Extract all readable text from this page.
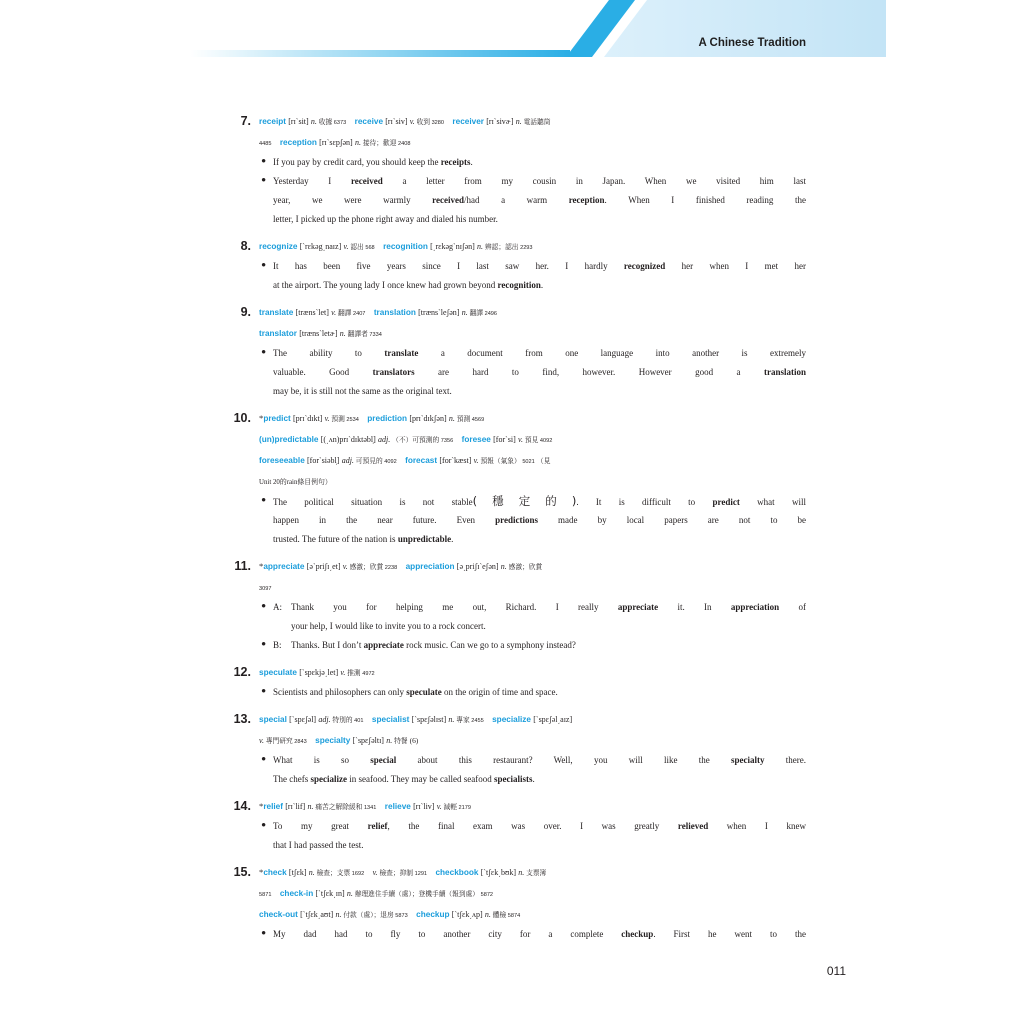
A Chinese Tradition
7. receipt [rɪˋsit] n. 收據 6373 receive [rɪˋsiv] v. 收到 3280 receiver [rɪˋsivɚ] n. 電話聽筒
4485 reception [rɪˋsɛpʃən] n. 接待；歡迎 2408
•
If you pay by credit card, you should keep the receipts.
•
Yesterday I received a letter from my cousin in Japan. When we visited him last
year, we were warmly received/had a warm reception. When I finished reading the
letter, I picked up the phone right away and dialed his number.
8. recognize [ˋrɛkəg͵naɪz] v. 認出 568 recognition [͵rɛkəgˋnɪʃən] n. 辨認；認出 2293
•
It has been five years since I last saw her. I hardly recognized her when I met her
at the airport. The young lady I once knew had grown beyond recognition.
9. translate [trænsˋlet] v. 翻譯 2407 translation [trænsˋleʃən] n. 翻譯 2496
translator [trænsˋletɚ] n. 翻譯者 7334
•
The ability to translate a document from one language into another is extremely
valuable. Good translators are hard to find, however. However good a translation
may be, it is still not the same as the original text.
10. *predict [prɪˋdɪkt] v. 預測 2534 prediction [prɪˋdɪkʃən] n. 預測 4569
(un)predictable [(͵ʌn)prɪˋdɪktəbl̩] adj. （不）可預測的 7356 foresee [forˋsi] v. 預見 4092
foreseeable [forˋsiəbl̩] adj. 可預見的 4092 forecast [forˋkæst] v. 預報（氣象） 5021 （見
Unit 20的rain條目例句）
•
The political situation is not stable(穩定的). It is difficult to predict what will
happen in the near future. Even predictions made by local papers are not to be
trusted. The future of the nation is unpredictable.
11. *appreciate [əˋpriʃɪ͵et] v. 感激；欣賞 2238 appreciation [ə͵priʃɪˋeʃən] n. 感激；欣賞
3097
•
A: Thank you for helping me out, Richard. I really appreciate it. In appreciation of
your help, I would like to invite you to a rock concert.
•
B: Thanks. But I don’t appreciate rock music. Can we go to a symphony instead?
12. speculate [ˋspɛkjə͵let] v. 推測 4972
•
Scientists and philosophers can only speculate on the origin of time and space.
13. special [ˋspɛʃəl] adj. 特別的 401 specialist [ˋspɛʃəlɪst] n. 專家 2455 specialize [ˋspɛʃəl͵aɪz]
v. 專門研究 2843 specialty [ˋspɛʃəltɪ] n. 特餐 (6)
•
What is so special about this restaurant? Well, you will like the specialty there.
The chefs specialize in seafood. They may be called seafood specialists.
14. *relief [rɪˋlif] n. 痛苦之解除緩和 1341 relieve [rɪˋliv] v. 減輕 2179
•
To my great relief, the final exam was over. I was greatly relieved when I knew
that I had passed the test.
15. *check [tʃɛk] n. 檢查；支票 1692 v. 檢查；抑制 1291 checkbook [ˋtʃɛk͵bʊk] n. 支票簿
5871 check-in [ˋtʃɛk͵ɪn] n. 辦理進住手續（處）；登機手續（報到處） 5872
check-out [ˋtʃɛk͵aʊt] n. 付款（處）；退房 5873 checkup [ˋtʃɛk͵ʌp] n. 體檢 5874
•
My dad had to fly to another city for a complete checkup. First he went to the
011
